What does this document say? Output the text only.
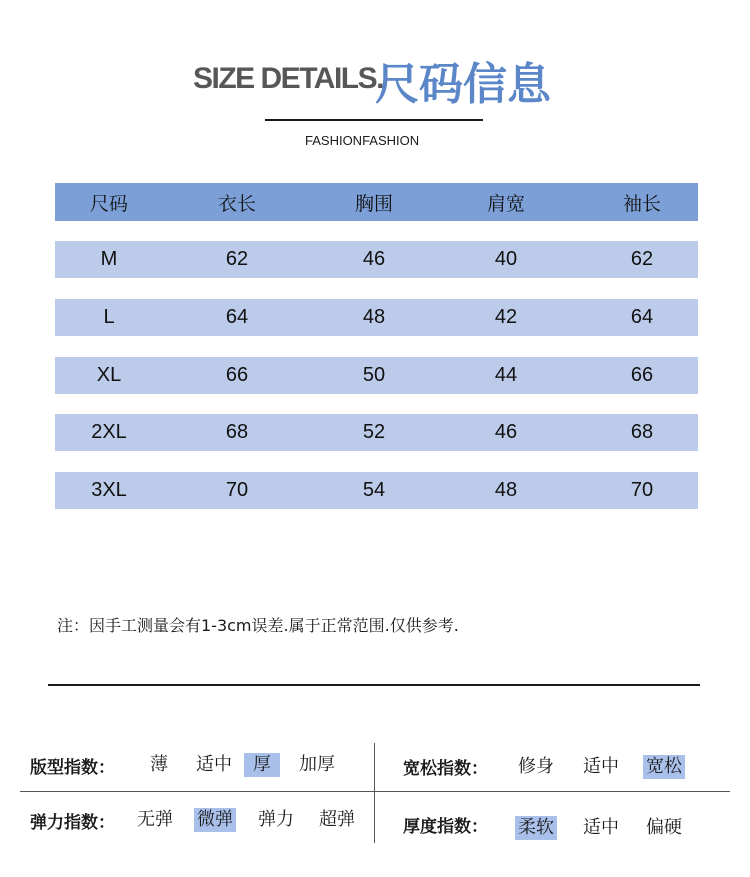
SIZE DETAILS.
尺码信息
FASHIONFASHION
尺码	衣长	胸围	肩宽	袖长
M	62	46	40	62
L	64	48	42	64
XL	66	50	44	66
2XL	68	52	46	68
3XL	70	54	48	70
注：因手工测量会有1-3cm误差.属于正常范围.仅供参考.
版型指数： 薄 适中	厚	加厚	宽松指数： 修身 适中 宽松
弹力指数： 无弹 微弹 弹力 超弹	厚度指数： 柔软 适中 偏硬
